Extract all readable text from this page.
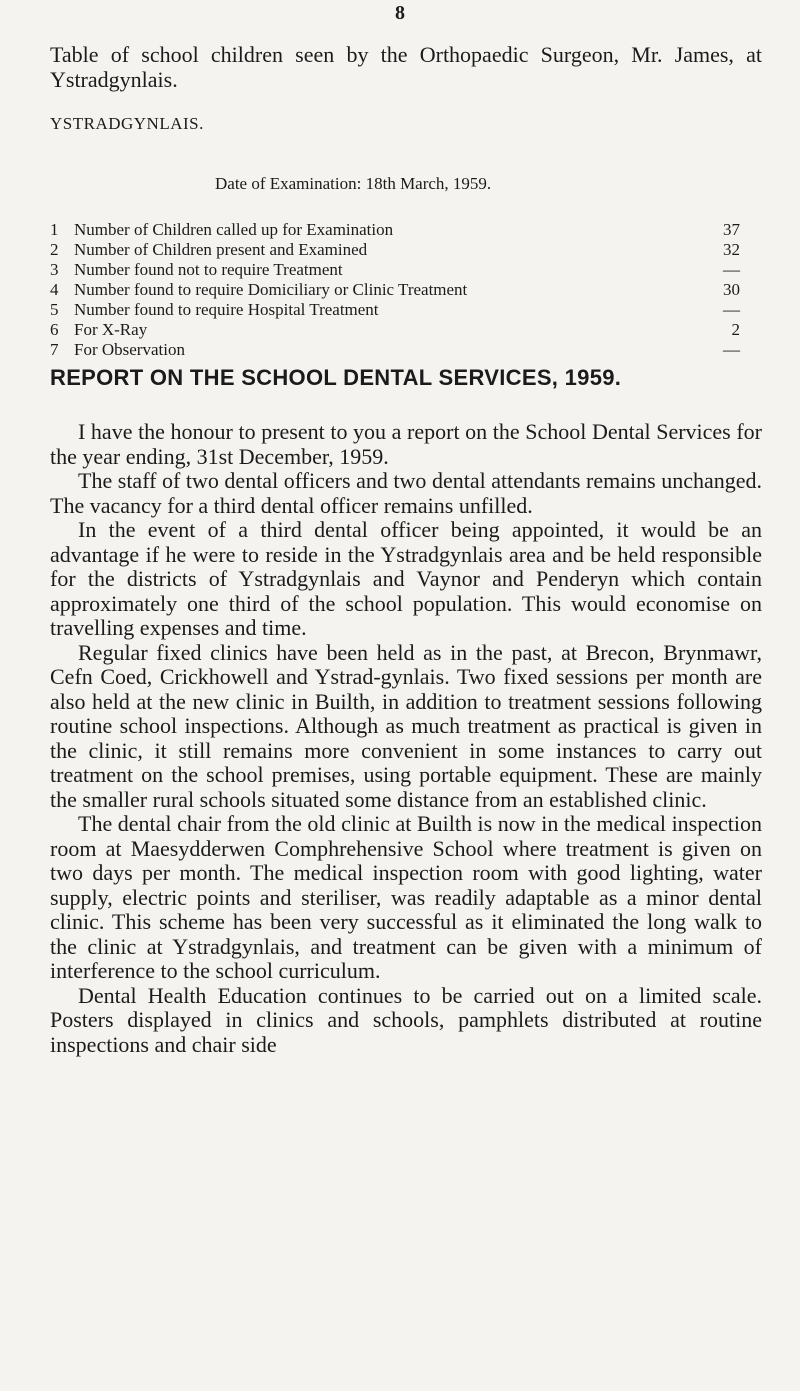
8
Table of school children seen by the Orthopaedic Surgeon, Mr. James, at Ystradgynlais.
YSTRADGYNLAIS.
Date of Examination: 18th March, 1959.
1 Number of Children called up for Examination	37
2 Number of Children present and Examined	32
3 Number found not to require Treatment	—
4 Number found to require Domiciliary or Clinic Treatment	30
5 Number found to require Hospital Treatment	—
6 For X-Ray	2
7 For Observation	—
REPORT ON THE SCHOOL DENTAL SERVICES, 1959.

I have the honour to present to you a report on the School Dental Services for the year ending, 31st December, 1959.

The staff of two dental officers and two dental attendants remains unchanged. The vacancy for a third dental officer remains unfilled.

In the event of a third dental officer being appointed, it would be an advantage if he were to reside in the Ystradgynlais area and be held responsible for the districts of Ystradgynlais and Vaynor and Penderyn which contain approximately one third of the school population. This would economise on travelling expenses and time.

Regular fixed clinics have been held as in the past, at Brecon, Brynmawr, Cefn Coed, Crickhowell and Ystrad-gynlais. Two fixed sessions per month are also held at the new clinic in Builth, in addition to treatment sessions following routine school inspections. Although as much treatment as practical is given in the clinic, it still remains more convenient in some instances to carry out treatment on the school premises, using portable equipment. These are mainly the smaller rural schools situated some distance from an established clinic.

The dental chair from the old clinic at Builth is now in the medical inspection room at Maesydderwen Comphrehensive School where treatment is given on two days per month. The medical inspection room with good lighting, water supply, electric points and steriliser, was readily adaptable as a minor dental clinic. This scheme has been very successful as it eliminated the long walk to the clinic at Ystradgynlais, and treatment can be given with a minimum of interference to the school curriculum.

Dental Health Education continues to be carried out on a limited scale. Posters displayed in clinics and schools, pamphlets distributed at routine inspections and chair side
